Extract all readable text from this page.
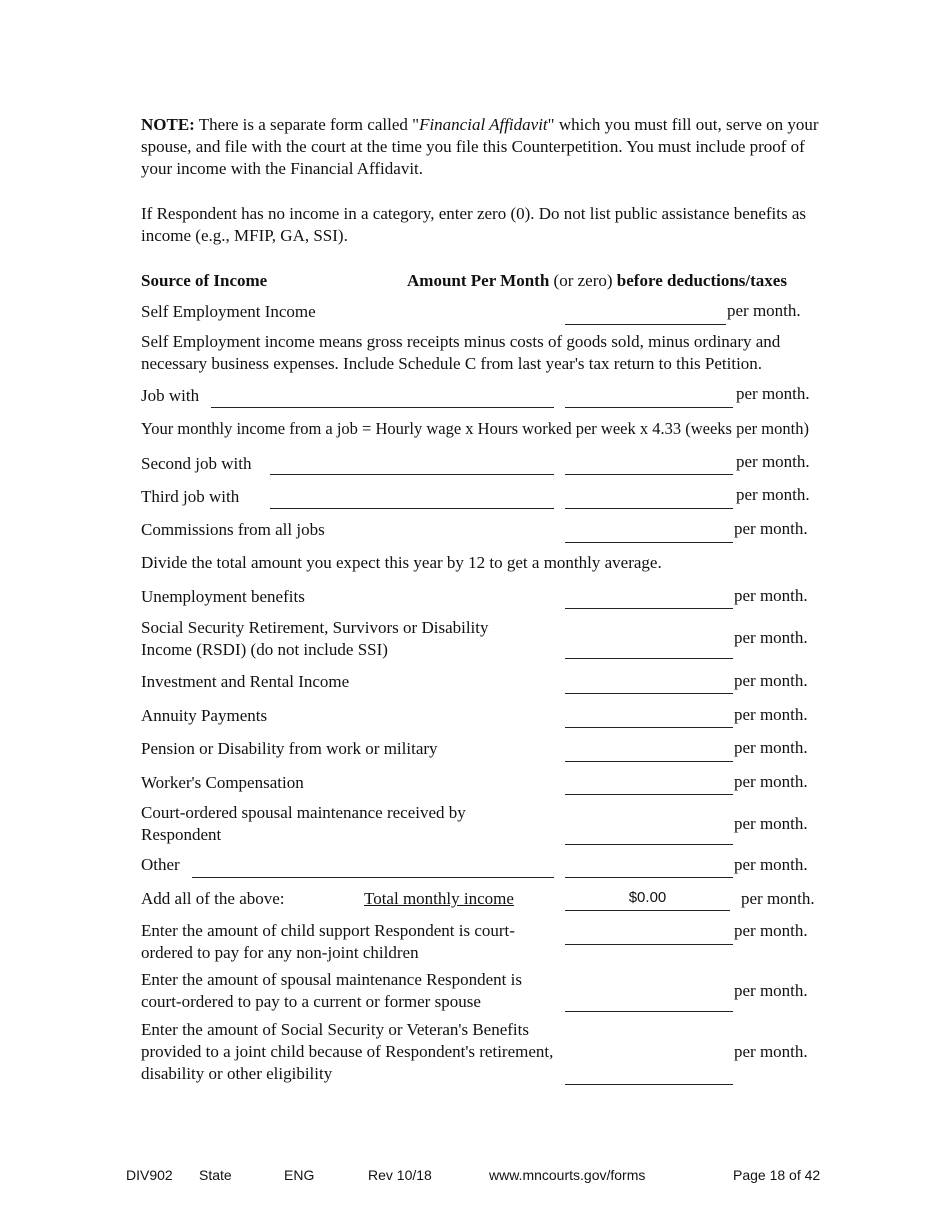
NOTE: There is a separate form called "Financial Affidavit" which you must fill out, serve on your spouse, and file with the court at the time you file this Counterpetition. You must include proof of your income with the Financial Affidavit.
If Respondent has no income in a category, enter zero (0). Do not list public assistance benefits as income (e.g., MFIP, GA, SSI).
Source of Income	Amount Per Month (or zero) before deductions/taxes
Self Employment Income	per month.
Self Employment income means gross receipts minus costs of goods sold, minus ordinary and necessary business expenses. Include Schedule C from last year's tax return to this Petition.
Job with	per month.
Your monthly income from a job = Hourly wage x Hours worked per week x 4.33 (weeks per month)
Second job with	per month.
Third job with	per month.
Commissions from all jobs	per month.
Divide the total amount you expect this year by 12 to get a monthly average.
Unemployment benefits	per month.
Social Security Retirement, Survivors or Disability Income (RSDI) (do not include SSI)
per month.
Investment and Rental Income	per month.
Annuity Payments	per month.
Pension or Disability from work or military	per month.
Worker's Compensation	per month.
Court-ordered spousal maintenance received by Respondent
per month.
Other	per month.
Add all of the above:	Total monthly income	$0.00	per month.
Enter the amount of child support Respondent is court-ordered to pay for any non-joint children
per month.
Enter the amount of spousal maintenance Respondent is court-ordered to pay to a current or former spouse
per month.
Enter the amount of Social Security or Veteran's Benefits provided to a joint child because of Respondent's retirement, disability or other eligibility
per month.
DIV902 State	ENG	Rev 10/18	www.mncourts.gov/forms	Page 18 of 42
